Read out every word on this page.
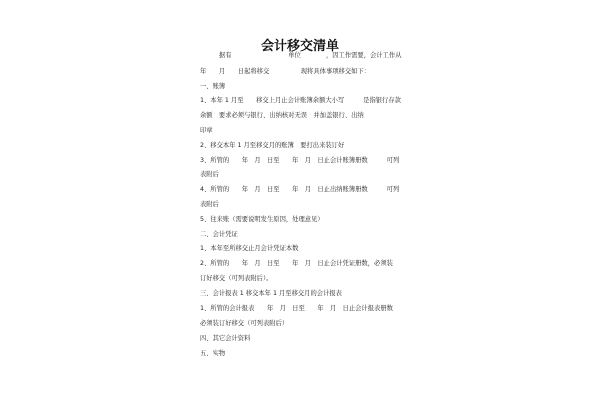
会计移交清单
　　　据有　　　　　　　　　单位　　　　，因工作需要，会计工作从
年　　月　　日起将移交　　　　　现将具体事项移交如下：
一、账簿
1、本年 1 月至　　移交上月止会计账簿余额大小写　　　是指银行存款
余额　要求必须与银行、出纳核对无误　并加盖银行、出纳
印章
2、移交本年 1 月至移交月的账簿　要打出来装订好
3、所管的　　年　月　日至　　年　月　日止会计账簿册数　　　可列
表附后
4、所管的　　年　月　日至　　年　月　日止出纳账簿册数　　　可列
表附后
5、往来账（需要说明发生原因，处理意见）
二、会计凭证
1、本年至所移交止月会计凭证本数
2、所管的　　年　月　日至　　年　月　日止会计凭证册数，必须装
订好移交（可列表附后）。
三、会计报表 1 移交本年 1 月至移交月的会计报表
1、所管的会计报表　　年　月　日至　　年　月　日止会计报表册数
必须装订好移交（可列表附后）
四、其它会计资料
五、实物
